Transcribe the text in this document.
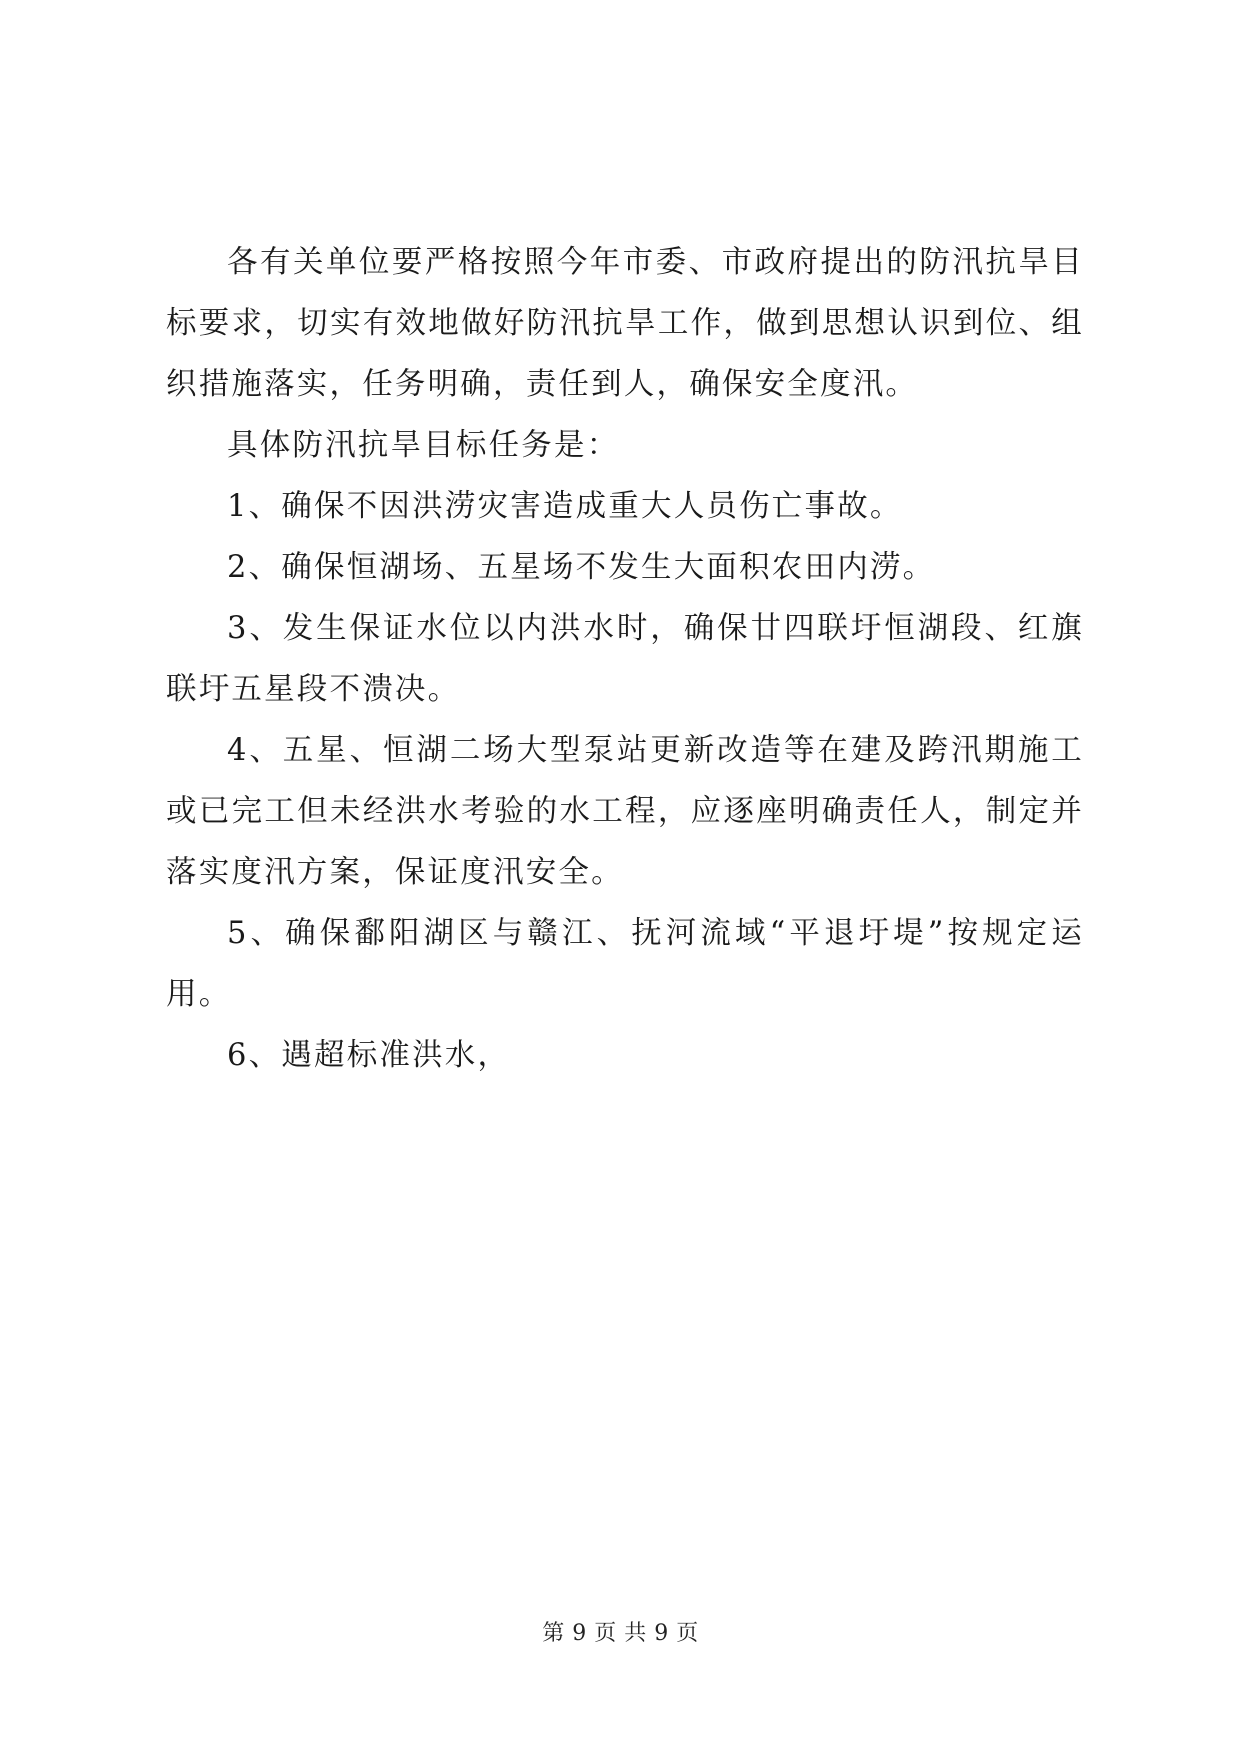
各有关单位要严格按照今年市委、市政府提出的防汛抗旱目标要求，切实有效地做好防汛抗旱工作，做到思想认识到位、组织措施落实，任务明确，责任到人，确保安全度汛。

具体防汛抗旱目标任务是：

1、确保不因洪涝灾害造成重大人员伤亡事故。

2、确保恒湖场、五星场不发生大面积农田内涝。

3、发生保证水位以内洪水时，确保廿四联圩恒湖段、红旗联圩五星段不溃决。

4、五星、恒湖二场大型泵站更新改造等在建及跨汛期施工或已完工但未经洪水考验的水工程，应逐座明确责任人，制定并落实度汛方案，保证度汛安全。

5、确保鄱阳湖区与赣江、抚河流域“平退圩堤”按规定运用。

6、遇超标准洪水，

第 9 页 共 9 页
